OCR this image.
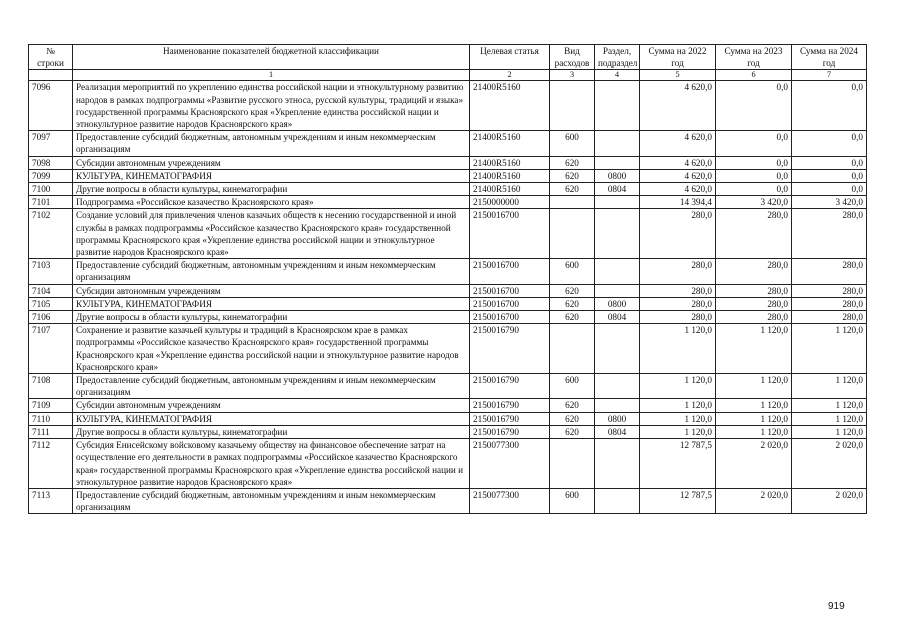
№ строки	Наименование показателей бюджетной классификации	Целевая статья	Вид расходов	Раздел, подраздел	Сумма на 2022 год	Сумма на 2023 год	Сумма на 2024 год
	1	2	3	4	5	6	7
7096	Реализация мероприятий по укреплению единства российской нации и этнокультурному развитию народов в рамках подпрограммы «Развитие русского этноса, русской культуры, традиций и языка» государственной программы Красноярского края «Укрепление единства российской нации и этнокультурное развитие народов Красноярского края»	21400R5160			4 620,0	0,0	0,0
7097	Предоставление субсидий бюджетным, автономным учреждениям и иным некоммерческим организациям	21400R5160	600		4 620,0	0,0	0,0
7098	Субсидии автономным учреждениям	21400R5160	620		4 620,0	0,0	0,0
7099	КУЛЬТУРА, КИНЕМАТОГРАФИЯ	21400R5160	620	0800	4 620,0	0,0	0,0
7100	Другие вопросы в области культуры, кинематографии	21400R5160	620	0804	4 620,0	0,0	0,0
7101	Подпрограмма «Российское казачество Красноярского края»	2150000000			14 394,4	3 420,0	3 420,0
7102	Создание условий для привлечения членов казачьих обществ к несению государственной и иной службы в рамках подпрограммы «Российское казачество Красноярского края» государственной программы Красноярского края «Укрепление единства российской нации и этнокультурное развитие народов Красноярского края»	2150016700			280,0	280,0	280,0
7103	Предоставление субсидий бюджетным, автономным учреждениям и иным некоммерческим организациям	2150016700	600		280,0	280,0	280,0
7104	Субсидии автономным учреждениям	2150016700	620		280,0	280,0	280,0
7105	КУЛЬТУРА, КИНЕМАТОГРАФИЯ	2150016700	620	0800	280,0	280,0	280,0
7106	Другие вопросы в области культуры, кинематографии	2150016700	620	0804	280,0	280,0	280,0
7107	Сохранение и развитие казачьей культуры и традиций в Красноярском крае в рамках подпрограммы «Российское казачество Красноярского края» государственной программы Красноярского края «Укрепление единства российской нации и этнокультурное развитие народов Красноярского края»	2150016790			1 120,0	1 120,0	1 120,0
7108	Предоставление субсидий бюджетным, автономным учреждениям и иным некоммерческим организациям	2150016790	600		1 120,0	1 120,0	1 120,0
7109	Субсидии автономным учреждениям	2150016790	620		1 120,0	1 120,0	1 120,0
7110	КУЛЬТУРА, КИНЕМАТОГРАФИЯ	2150016790	620	0800	1 120,0	1 120,0	1 120,0
7111	Другие вопросы в области культуры, кинематографии	2150016790	620	0804	1 120,0	1 120,0	1 120,0
7112	Субсидия Енисейскому войсковому казачьему обществу на финансовое обеспечение затрат на осуществление его деятельности в рамках подпрограммы «Российское казачество Красноярского края» государственной программы Красноярского края «Укрепление единства российской нации и этнокультурное развитие народов Красноярского края»	2150077300			12 787,5	2 020,0	2 020,0
7113	Предоставление субсидий бюджетным, автономным учреждениям и иным некоммерческим организациям	2150077300	600		12 787,5	2 020,0	2 020,0
919
